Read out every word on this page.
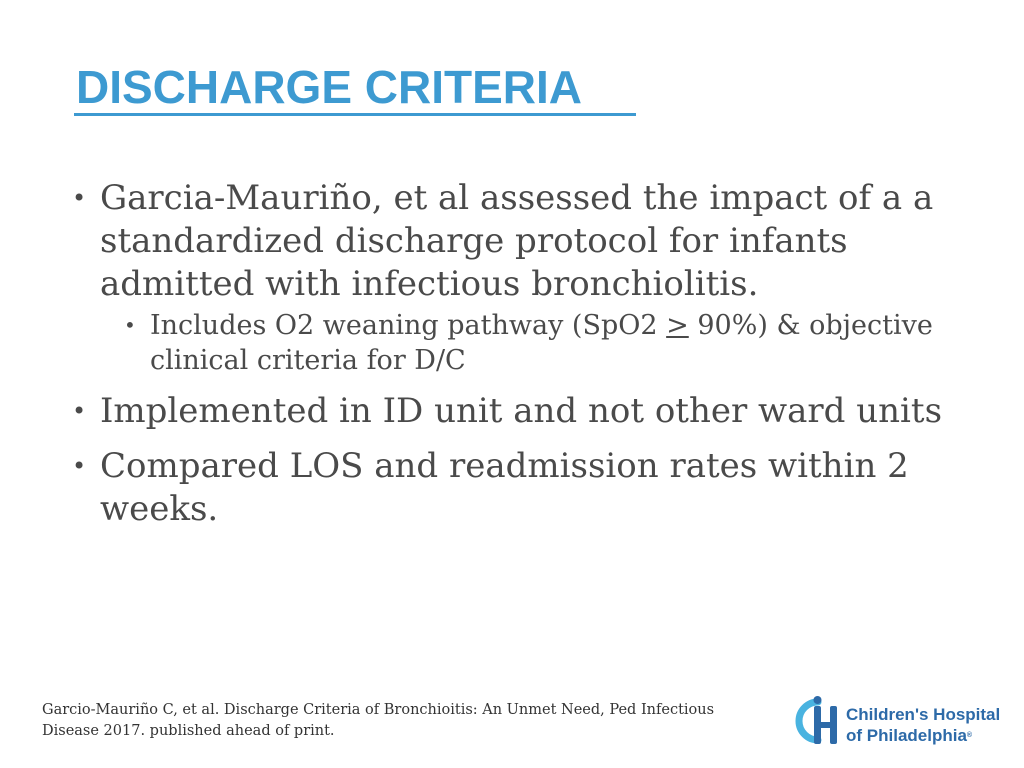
DISCHARGE CRITERIA
• Garcia-Mauriño, et al assessed the impact of a a standardized discharge protocol for infants admitted with infectious bronchiolitis.
• Includes O2 weaning pathway (SpO2 ≥ 90%) & objective clinical criteria for D/C
• Implemented in ID unit and not other ward units
• Compared LOS and readmission rates within 2 weeks.
Garcio-Mauriño C, et al. Discharge Criteria of Bronchioitis: An Unmet Need, Ped Infectious Disease 2017. published ahead of print.
Children's Hospital
of Philadelphia®
